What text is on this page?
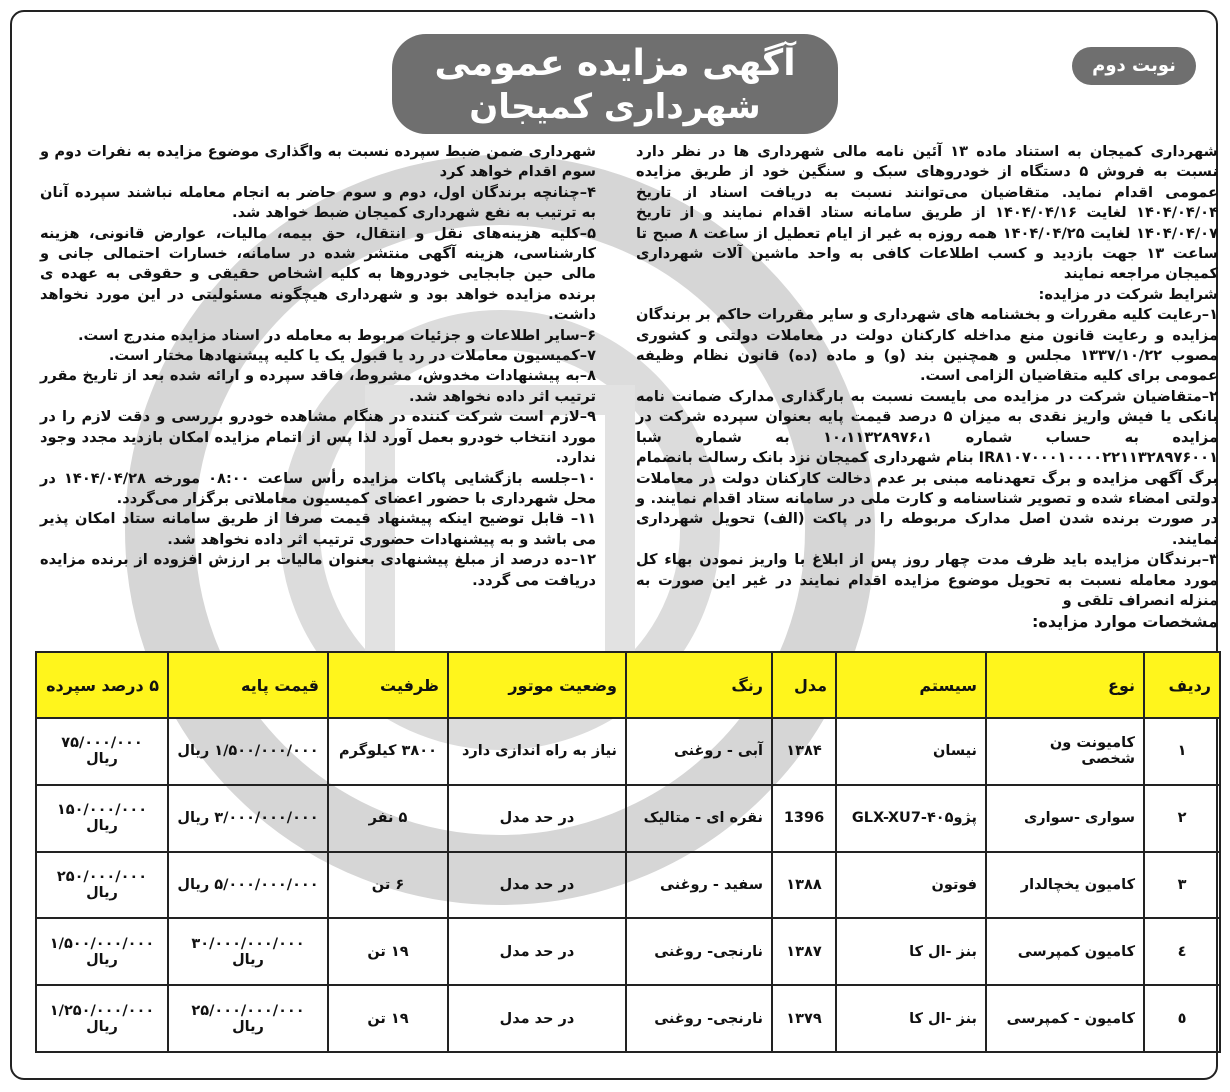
نوبت دوم
آگهی مزایده عمومی
شهرداری کمیجان

شهرداری کمیجان به استناد ماده ۱۳ آئین نامه مالی شهرداری ها در نظر دارد نسبت به فروش ۵ دستگاه از خودروهای سبک و سنگین خود از طریق مزایده عمومی اقدام نماید. متقاضیان می‌توانند نسبت به دریافت اسناد از تاریخ ۱۴۰۴/۰۴/۰۴ لغایت ۱۴۰۴/۰۴/۱۶ از طریق سامانه ستاد اقدام نمایند و از تاریخ ۱۴۰۴/۰۴/۰۷ لغایت ۱۴۰۴/۰۴/۲۵ همه روزه به غیر از ایام تعطیل از ساعت ۸ صبح تا ساعت ۱۳ جهت بازدید و کسب اطلاعات کافی به واحد ماشین آلات شهرداری کمیجان مراجعه نمایند

شرایط شرکت در مزایده:

۱–رعایت کلیه مقررات و بخشنامه های شهرداری و سایر مقررات حاکم بر برندگان مزایده و رعایت قانون منع مداخله کارکنان دولت در معاملات دولتی و کشوری مصوب ۱۳۳۷/۱۰/۲۲ مجلس و همچنین بند (و) و ماده (ده) قانون نظام وظیفه عمومی برای کلیه متقاضیان الزامی است.

۲–متقاضیان شرکت در مزایده می بایست نسبت به بارگذاری مدارک ضمانت نامه بانکی یا فیش واریز نقدی به میزان ۵ درصد قیمت پایه بعنوان سپرده شرکت در مزایده به حساب شماره ۱۰،۱۱۳۲۸۹۷۶،۱ به شماره شبا IR۸۱۰۷۰۰۰۱۰۰۰۰۲۲۱۱۳۲۸۹۷۶۰۰۱ بنام شهرداری کمیجان نزد بانک رسالت بانضمام برگ آگهی مزایده و برگ تعهدنامه مبنی بر عدم دخالت کارکنان دولت در معاملات دولتی امضاء شده و تصویر شناسنامه و کارت ملی در سامانه ستاد اقدام نمایند. و در صورت برنده شدن اصل مدارک مربوطه را در پاکت (الف) تحویل شهرداری نمایند.

۳–برندگان مزایده باید ظرف مدت چهار روز پس از ابلاغ با واریز نمودن بهاء کل مورد معامله نسبت به تحویل موضوع مزایده اقدام نمایند در غیر این صورت به منزله انصراف تلقی و

شهرداری ضمن ضبط سپرده نسبت به واگذاری موضوع مزایده به نفرات دوم و سوم اقدام خواهد کرد

۴–چنانچه برندگان اول، دوم و سوم حاضر به انجام معامله نباشند سپرده آنان به ترتیب به نفع شهرداری کمیجان ضبط خواهد شد.

۵–کلیه هزینه‌های نقل و انتقال، حق بیمه، مالیات، عوارض قانونی، هزینه کارشناسی، هزینه آگهی منتشر شده در سامانه، خسارات احتمالی جانی و مالی حین جابجایی خودروها به کلیه اشخاص حقیقی و حقوقی به عهده ی برنده مزایده خواهد بود و شهرداری هیچگونه مسئولیتی در این مورد نخواهد داشت.

۶–سایر اطلاعات و جزئیات مربوط به معامله در اسناد مزایده مندرج است.

۷–کمیسیون معاملات در رد یا قبول یک یا کلیه پیشنهادها مختار است.

۸–به پیشنهادات مخدوش، مشروط، فاقد سپرده و ارائه شده بعد از تاریخ مقرر ترتیب اثر داده نخواهد شد.

۹–لازم است شرکت کننده در هنگام مشاهده خودرو بررسی و دقت لازم را در مورد انتخاب خودرو بعمل آورد لذا پس از اتمام مزایده امکان بازدید مجدد وجود ندارد.

۱۰–جلسه بازگشایی پاکات مزایده رأس ساعت ۰۸:۰۰ مورخه ۱۴۰۴/۰۴/۲۸ در محل شهرداری با حضور اعضای کمیسیون معاملاتی برگزار می‌گردد.

۱۱– قابل توضیح اینکه پیشنهاد قیمت صرفا از طریق سامانه ستاد امکان پذیر می باشد و به پیشنهادات حضوری ترتیب اثر داده نخواهد شد.

۱۲–ده درصد از مبلغ پیشنهادی بعنوان مالیات بر ارزش افزوده از برنده مزایده دریافت می گردد.

مشخصات موارد مزایده:
ردیف	نوع	سیستم	مدل	رنگ	وضعیت موتور	ظرفیت	قیمت پایه	۵ درصد سپرده
۱	کامیونت ون شخصی	نیسان	۱۳۸۴	آبی - روغنی	نیاز به راه اندازی دارد	۳۸۰۰ کیلوگرم	۱/۵۰۰/۰۰۰/۰۰۰ ریال	۷۵/۰۰۰/۰۰۰ ریال
۲	سواری -سواری	پژو۴۰۵-GLX-XU7	1396	نقره ای - متالیک	در حد مدل	۵ نفر	۳/۰۰۰/۰۰۰/۰۰۰ ریال	۱۵۰/۰۰۰/۰۰۰ ریال
۳	کامیون یخچالدار	فوتون	۱۳۸۸	سفید - روغنی	در حد مدل	۶ تن	۵/۰۰۰/۰۰۰/۰۰۰ ریال	۲۵۰/۰۰۰/۰۰۰ ریال
٤	کامیون کمپرسی	بنز -ال کا	۱۳۸۷	نارنجی- روغنی	در حد مدل	۱۹ تن	۳۰/۰۰۰/۰۰۰/۰۰۰ ریال	۱/۵۰۰/۰۰۰/۰۰۰ ریال
٥	کامیون - کمپرسی	بنز -ال کا	۱۳۷۹	نارنجی- روغنی	در حد مدل	۱۹ تن	۲۵/۰۰۰/۰۰۰/۰۰۰ ریال	۱/۲۵۰/۰۰۰/۰۰۰ ریال
